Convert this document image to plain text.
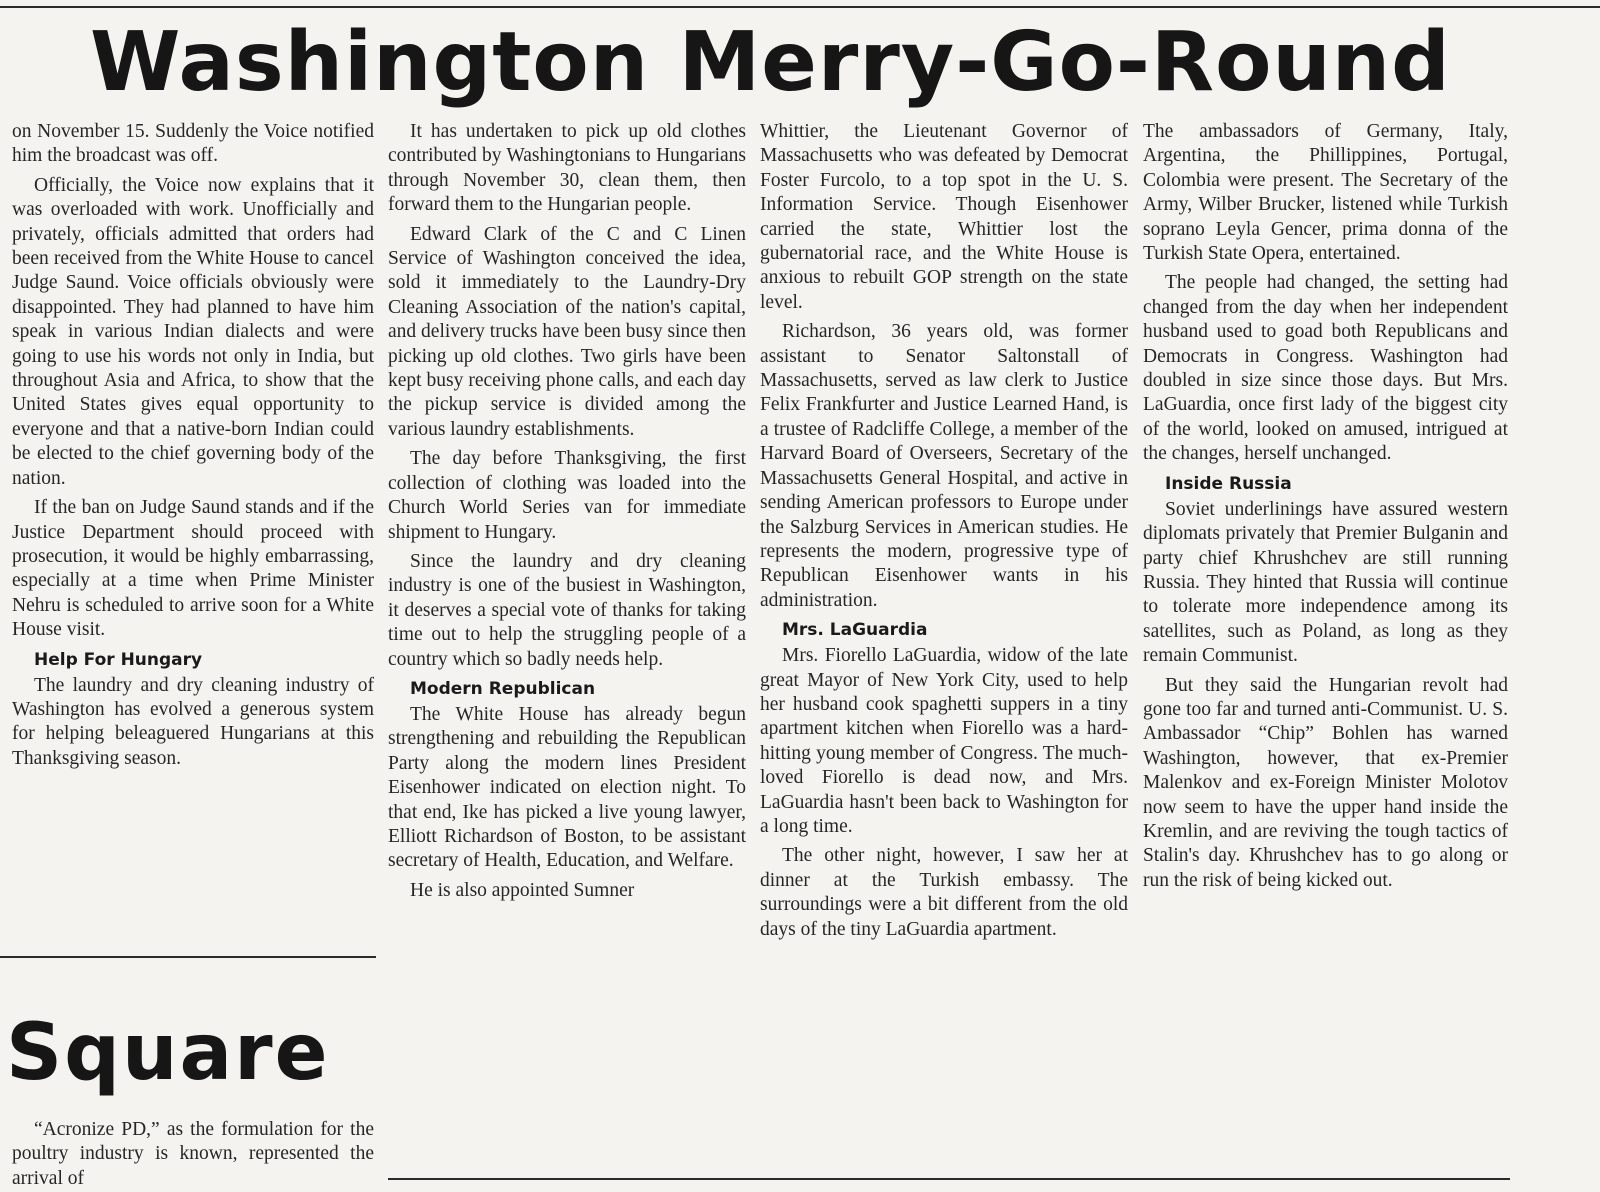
Washington Merry-Go-Round

on November 15. Suddenly the Voice notified him the broadcast was off.

Officially, the Voice now explains that it was overloaded with work. Unofficially and privately, officials admitted that orders had been received from the White House to cancel Judge Saund. Voice officials obviously were disappointed. They had planned to have him speak in various Indian dialects and were going to use his words not only in India, but throughout Asia and Africa, to show that the United States gives equal opportunity to everyone and that a native-born Indian could be elected to the chief governing body of the nation.

If the ban on Judge Saund stands and if the Justice Department should proceed with prosecution, it would be highly embarrassing, especially at a time when Prime Minister Nehru is scheduled to arrive soon for a White House visit.

Help For Hungary

The laundry and dry cleaning industry of Washington has evolved a generous system for helping beleaguered Hungarians at this Thanksgiving season.

It has undertaken to pick up old clothes contributed by Washingtonians to Hungarians through November 30, clean them, then forward them to the Hungarian people.

Edward Clark of the C and C Linen Service of Washington conceived the idea, sold it immediately to the Laundry-Dry Cleaning Association of the nation's capital, and delivery trucks have been busy since then picking up old clothes. Two girls have been kept busy receiving phone calls, and each day the pickup service is divided among the various laundry establishments.

The day before Thanksgiving, the first collection of clothing was loaded into the Church World Series van for immediate shipment to Hungary.

Since the laundry and dry cleaning industry is one of the busiest in Washington, it deserves a special vote of thanks for taking time out to help the struggling people of a country which so badly needs help.

Modern Republican

The White House has already begun strengthening and rebuilding the Republican Party along the modern lines President Eisenhower indicated on election night. To that end, Ike has picked a live young lawyer, Elliott Richardson of Boston, to be assistant secretary of Health, Education, and Welfare.

He is also appointed Sumner

Whittier, the Lieutenant Governor of Massachusetts who was defeated by Democrat Foster Furcolo, to a top spot in the U. S. Information Service. Though Eisenhower carried the state, Whittier lost the gubernatorial race, and the White House is anxious to rebuilt GOP strength on the state level.

Richardson, 36 years old, was former assistant to Senator Saltonstall of Massachusetts, served as law clerk to Justice Felix Frankfurter and Justice Learned Hand, is a trustee of Radcliffe College, a member of the Harvard Board of Overseers, Secretary of the Massachusetts General Hospital, and active in sending American professors to Europe under the Salzburg Services in American studies. He represents the modern, progressive type of Republican Eisenhower wants in his administration.

Mrs. LaGuardia

Mrs. Fiorello LaGuardia, widow of the late great Mayor of New York City, used to help her husband cook spaghetti suppers in a tiny apartment kitchen when Fiorello was a hard-hitting young member of Congress. The much-loved Fiorello is dead now, and Mrs. LaGuardia hasn't been back to Washington for a long time.

The other night, however, I saw her at dinner at the Turkish embassy. The surroundings were a bit different from the old days of the tiny LaGuardia apartment.

The ambassadors of Germany, Italy, Argentina, the Phillippines, Portugal, Colombia were present. The Secretary of the Army, Wilber Brucker, listened while Turkish soprano Leyla Gencer, prima donna of the Turkish State Opera, entertained.

The people had changed, the setting had changed from the day when her independent husband used to goad both Republicans and Democrats in Congress. Washington had doubled in size since those days. But Mrs. LaGuardia, once first lady of the biggest city of the world, looked on amused, intrigued at the changes, herself unchanged.

Inside Russia

Soviet underlinings have assured western diplomats privately that Premier Bulganin and party chief Khrushchev are still running Russia. They hinted that Russia will continue to tolerate more independence among its satellites, such as Poland, as long as they remain Communist.

But they said the Hungarian revolt had gone too far and turned anti-Communist. U. S. Ambassador “Chip” Bohlen has warned Washington, however, that ex-Premier Malenkov and ex-Foreign Minister Molotov now seem to have the upper hand inside the Kremlin, and are reviving the tough tactics of Stalin's day. Khrushchev has to go along or run the risk of being kicked out.

Square

“Acronize PD,” as the formulation for the poultry industry is known, represented the arrival of
